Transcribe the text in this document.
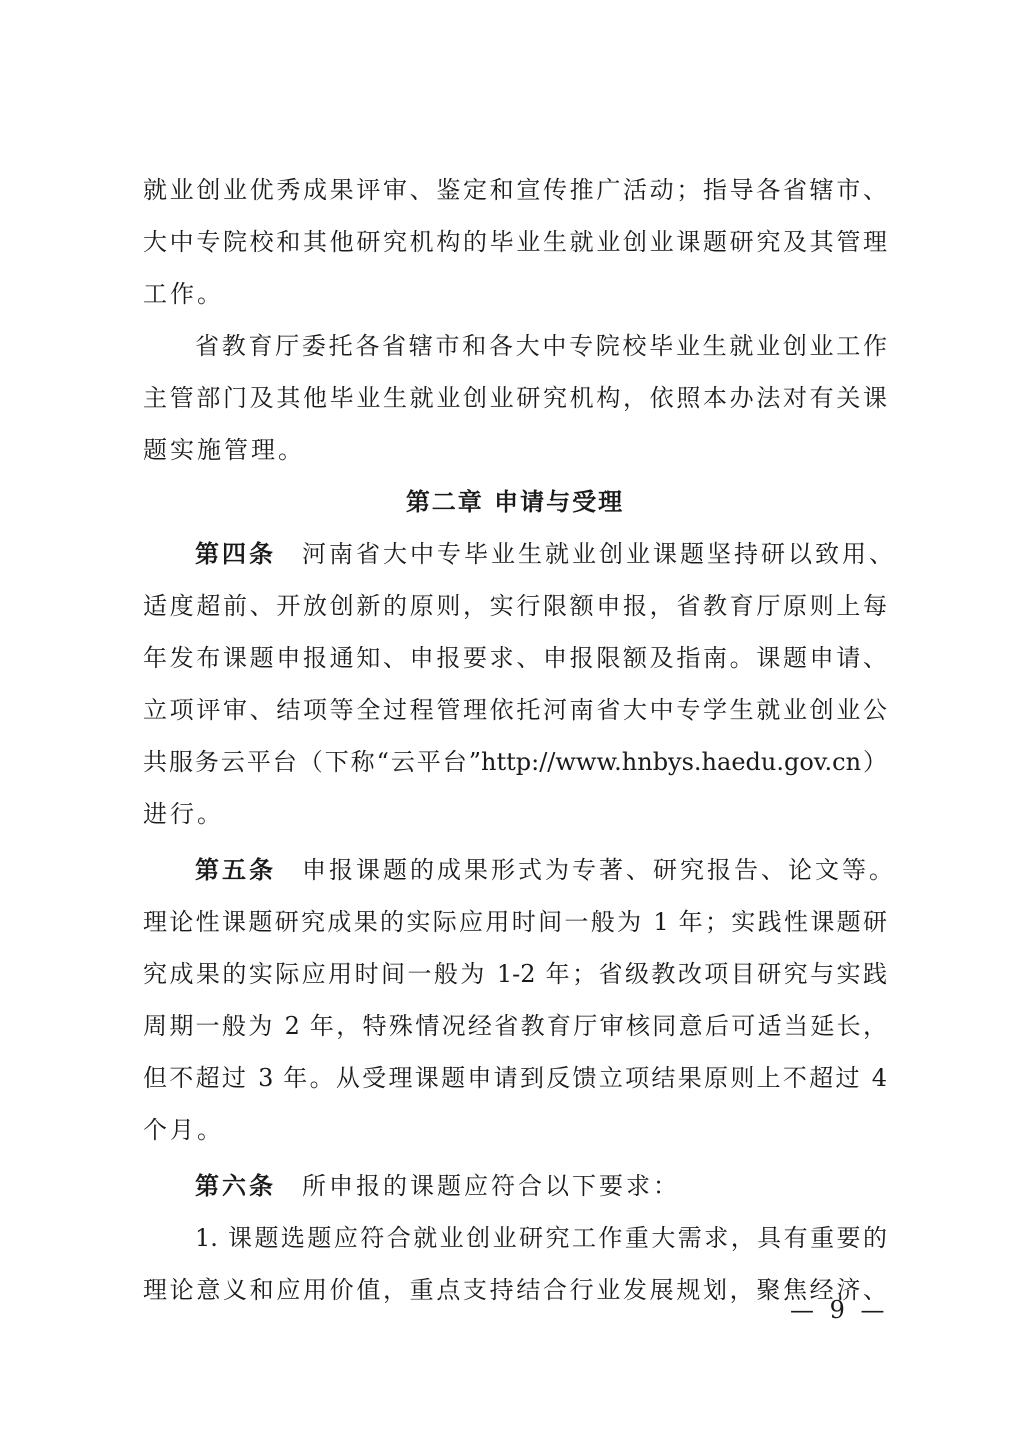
就业创业优秀成果评审、鉴定和宣传推广活动；指导各省辖市、
大中专院校和其他研究机构的毕业生就业创业课题研究及其管理
工作。
省教育厅委托各省辖市和各大中专院校毕业生就业创业工作
主管部门及其他毕业生就业创业研究机构，依照本办法对有关课
题实施管理。
第二章 申请与受理
第四条 河南省大中专毕业生就业创业课题坚持研以致用、
适度超前、开放创新的原则，实行限额申报，省教育厅原则上每
年发布课题申报通知、申报要求、申报限额及指南。课题申请、
立项评审、结项等全过程管理依托河南省大中专学生就业创业公
共服务云平台（下称“云平台”http://www.hnbys.haedu.gov.cn）
进行。
第五条 申报课题的成果形式为专著、研究报告、论文等。
理论性课题研究成果的实际应用时间一般为 1 年；实践性课题研
究成果的实际应用时间一般为 1-2 年；省级教改项目研究与实践
周期一般为 2 年，特殊情况经省教育厅审核同意后可适当延长，
但不超过 3 年。从受理课题申请到反馈立项结果原则上不超过 4
个月。
第六条 所申报的课题应符合以下要求：
1. 课题选题应符合就业创业研究工作重大需求，具有重要的
理论意义和应用价值，重点支持结合行业发展规划，聚焦经济、
— 9 —
